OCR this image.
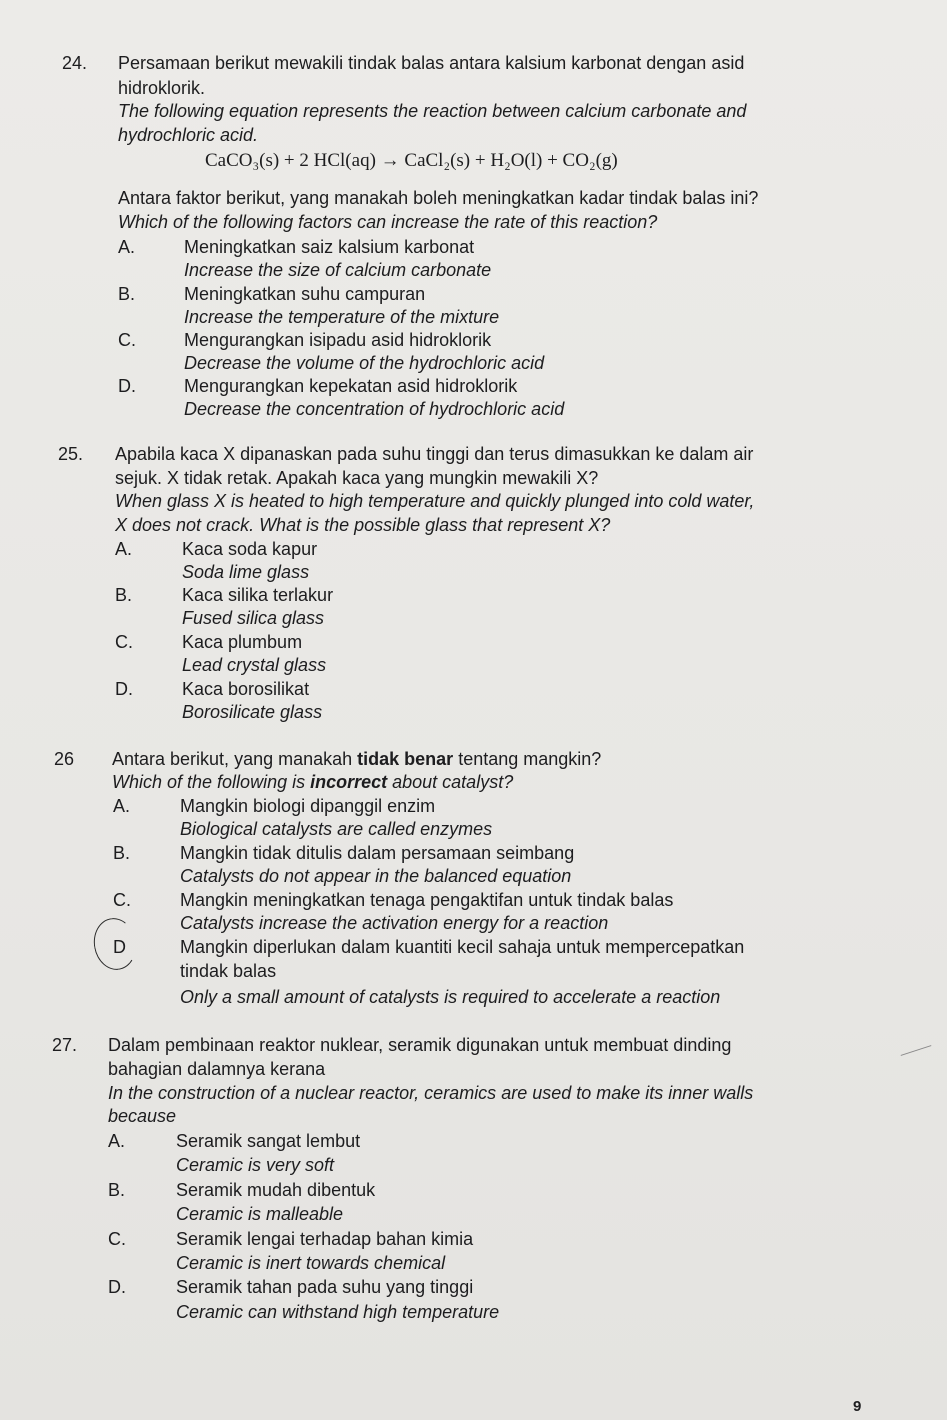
24. Persamaan berikut mewakili tindak balas antara kalsium karbonat dengan asid
hidroklorik.
The following equation represents the reaction between calcium carbonate and
hydrochloric acid.
CaCO₃(s) + 2 HCl(aq) → CaCl₂(s) + H₂O(l) + CO₂(g)
Antara faktor berikut, yang manakah boleh meningkatkan kadar tindak balas ini?
Which of the following factors can increase the rate of this reaction?
A.	Meningkatkan saiz kalsium karbonat
Increase the size of calcium carbonate
B.	Meningkatkan suhu campuran
Increase the temperature of the mixture
C.	Mengurangkan isipadu asid hidroklorik
Decrease the volume of the hydrochloric acid
D.	Mengurangkan kepekatan asid hidroklorik
Decrease the concentration of hydrochloric acid
25. Apabila kaca X dipanaskan pada suhu tinggi dan terus dimasukkan ke dalam air
sejuk. X tidak retak. Apakah kaca yang mungkin mewakili X?
When glass X is heated to high temperature and quickly plunged into cold water,
X does not crack. What is the possible glass that represent X?
A.	Kaca soda kapur
Soda lime glass
B.	Kaca silika terlakur
Fused silica glass
C.	Kaca plumbum
Lead crystal glass
D.	Kaca borosilikat
Borosilicate glass
26 Antara berikut, yang manakah tidak benar tentang mangkin?
Which of the following is incorrect about catalyst?
A.	Mangkin biologi dipanggil enzim
Biological catalysts are called enzymes
B.	Mangkin tidak ditulis dalam persamaan seimbang
Catalysts do not appear in the balanced equation
C.	Mangkin meningkatkan tenaga pengaktifan untuk tindak balas
Catalysts increase the activation energy for a reaction
D	Mangkin diperlukan dalam kuantiti kecil sahaja untuk mempercepatkan
tindak balas
Only a small amount of catalysts is required to accelerate a reaction
27. Dalam pembinaan reaktor nuklear, seramik digunakan untuk membuat dinding
bahagian dalamnya kerana
In the construction of a nuclear reactor, ceramics are used to make its inner walls
because
A.	Seramik sangat lembut
Ceramic is very soft
B.	Seramik mudah dibentuk
Ceramic is malleable
C.	Seramik lengai terhadap bahan kimia
Ceramic is inert towards chemical
D.	Seramik tahan pada suhu yang tinggi
Ceramic can withstand high temperature
9
